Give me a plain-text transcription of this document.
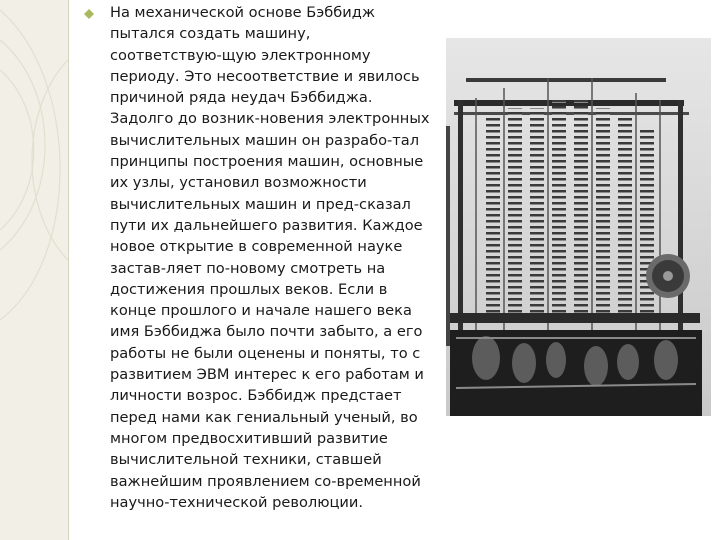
На механической основе Бэббидж
пытался создать машину,
соответствую-щую электронному
периоду. Это несоответствие и явилось
причиной ряда неудач Бэббиджа.
Задолго до возник-новения электронных
вычислительных машин он разрабо-тал
принципы построения машин, основные
их узлы, установил возможности
вычислительных машин и пред-сказал
пути их дальнейшего развития. Каждое
новое открытие в современной науке
застав-ляет по-новому смотреть на
достижения прошлых веков. Если в
конце прошлого и начале нашего века
имя Бэббиджа было почти забыто, а его
работы не были оценены и поняты, то с
развитием ЭВМ интерес к его работам и
личности возрос. Бэббидж предстает
перед нами как гениальный ученый, во
многом предвосхитивший развитие
вычислительной техники, ставшей
важнейшим проявлением со-временной
научно-технической революции.
